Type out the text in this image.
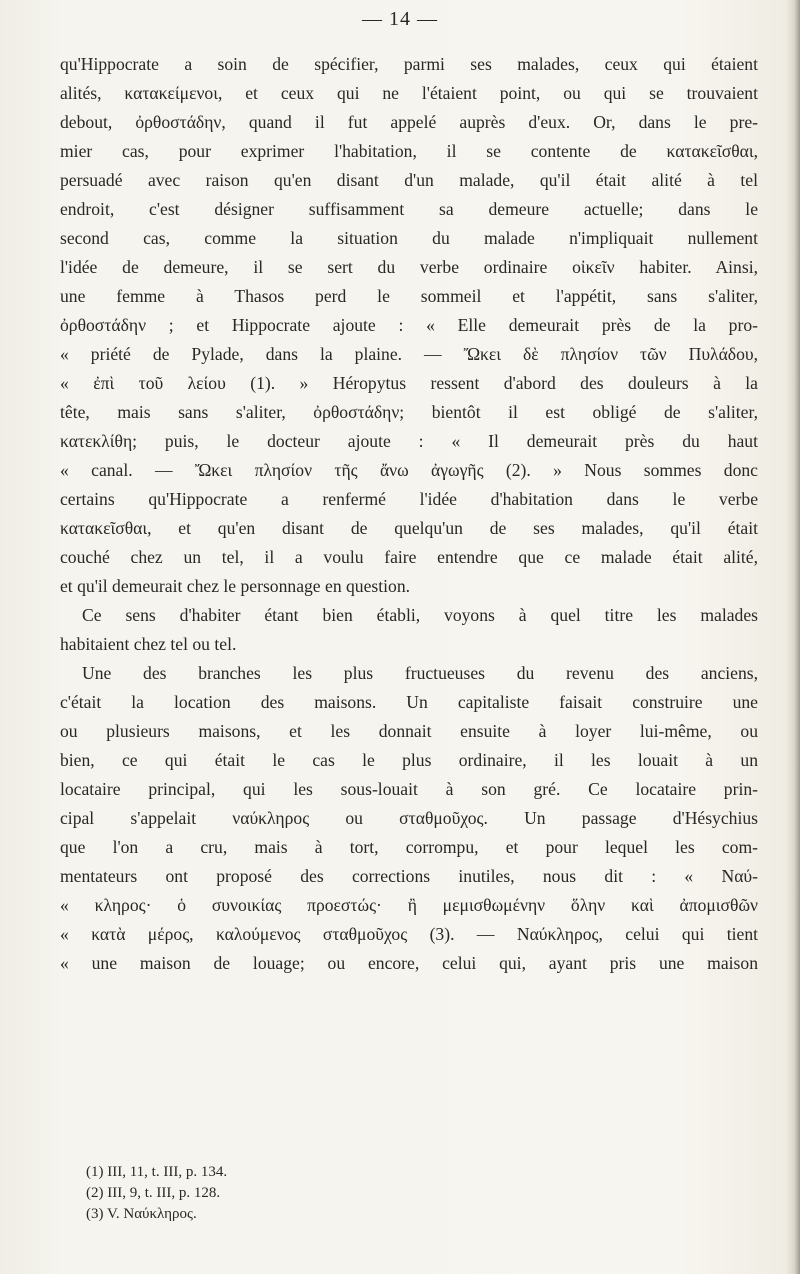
— 14 —
qu'Hippocrate a soin de spécifier, parmi ses malades, ceux qui étaient
alités, κατακείμενοι, et ceux qui ne l'étaient point, ou qui se trouvaient
debout, ὀρθοστάδην, quand il fut appelé auprès d'eux. Or, dans le pre-
mier cas, pour exprimer l'habitation, il se contente de κατακεῖσθαι,
persuadé avec raison qu'en disant d'un malade, qu'il était alité à tel
endroit, c'est désigner suffisamment sa demeure actuelle; dans le
second cas, comme la situation du malade n'impliquait nullement
l'idée de demeure, il se sert du verbe ordinaire οἰκεῖν habiter. Ainsi,
une femme à Thasos perd le sommeil et l'appétit, sans s'aliter,
ὀρθοστάδην ; et Hippocrate ajoute : « Elle demeurait près de la pro-
« priété de Pylade, dans la plaine. — Ὤκει δὲ πλησίον τῶν Πυλάδου,
« ἐπὶ τοῦ λείου (1). » Héropytus ressent d'abord des douleurs à la
tête, mais sans s'aliter, ὀρθοστάδην; bientôt il est obligé de s'aliter,
κατεκλίθη; puis, le docteur ajoute : « Il demeurait près du haut
« canal. — Ὤκει πλησίον τῆς ἄνω ἀγωγῆς (2). » Nous sommes donc
certains qu'Hippocrate a renfermé l'idée d'habitation dans le verbe
κατακεῖσθαι, et qu'en disant de quelqu'un de ses malades, qu'il était
couché chez un tel, il a voulu faire entendre que ce malade était alité,
et qu'il demeurait chez le personnage en question.
Ce sens d'habiter étant bien établi, voyons à quel titre les malades
habitaient chez tel ou tel.
Une des branches les plus fructueuses du revenu des anciens,
c'était la location des maisons. Un capitaliste faisait construire une
ou plusieurs maisons, et les donnait ensuite à loyer lui-même, ou
bien, ce qui était le cas le plus ordinaire, il les louait à un
locataire principal, qui les sous-louait à son gré. Ce locataire prin-
cipal s'appelait ναύκληρος ou σταθμοῦχος. Un passage d'Hésychius
que l'on a cru, mais à tort, corrompu, et pour lequel les com-
mentateurs ont proposé des corrections inutiles, nous dit : « Ναύ-
« κληρος· ὁ συνοικίας προεστώς· ἢ μεμισθωμένην ὅλην καὶ ἀπομισθῶν
« κατὰ μέρος, καλούμενος σταθμοῦχος (3). — Ναύκληρος, celui qui tient
« une maison de louage; ou encore, celui qui, ayant pris une maison
(1) III, 11, t. III, p. 134.
(2) III, 9, t. III, p. 128.
(3) V. Ναύκληρος.
